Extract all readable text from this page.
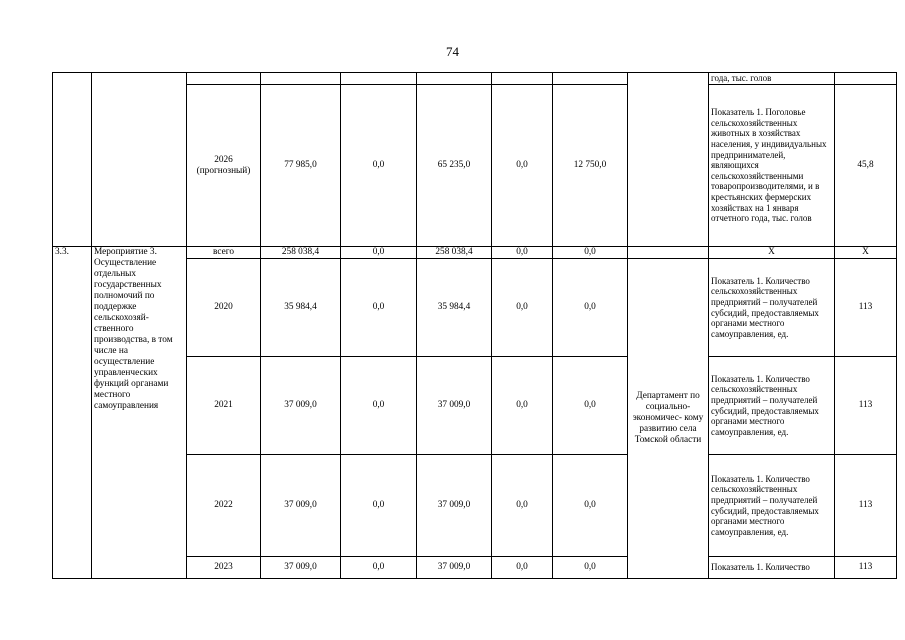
74
									года, тыс. голов	
		2026 (прогнозный)	77 985,0	0,0	65 235,0	0,0	12 750,0		Показатель 1. Поголовье сельскохозяйственных животных в хозяйствах населения, у индивидуальных предпринимателей, являющихся сельскохозяйственными товаропроизводителями, и в крестьянских фермерских хозяйствах на 1 января отчетного года, тыс. голов	45,8
3.3.	Мероприятие 3. Осуществление отдельных государственных полномочий по поддержке сельскохозяй- ственного производства, в том числе на осуществление управленческих функций органами местного самоуправления	всего	258 038,4	0,0	258 038,4	0,0	0,0		Х	Х
		2020	35 984,4	0,0	35 984,4	0,0	0,0	Департамент по социально- экономичес- кому развитию села Томской области	Показатель 1. Количество сельскохозяйственных предприятий – получателей субсидий, предоставляемых органами местного самоуправления, ед.	113
		2021	37 009,0	0,0	37 009,0	0,0	0,0		Показатель 1. Количество сельскохозяйственных предприятий – получателей субсидий, предоставляемых органами местного самоуправления, ед.	113
		2022	37 009,0	0,0	37 009,0	0,0	0,0		Показатель 1. Количество сельскохозяйственных предприятий – получателей субсидий, предоставляемых органами местного самоуправления, ед.	113
		2023	37 009,0	0,0	37 009,0	0,0	0,0		Показатель 1. Количество	113
